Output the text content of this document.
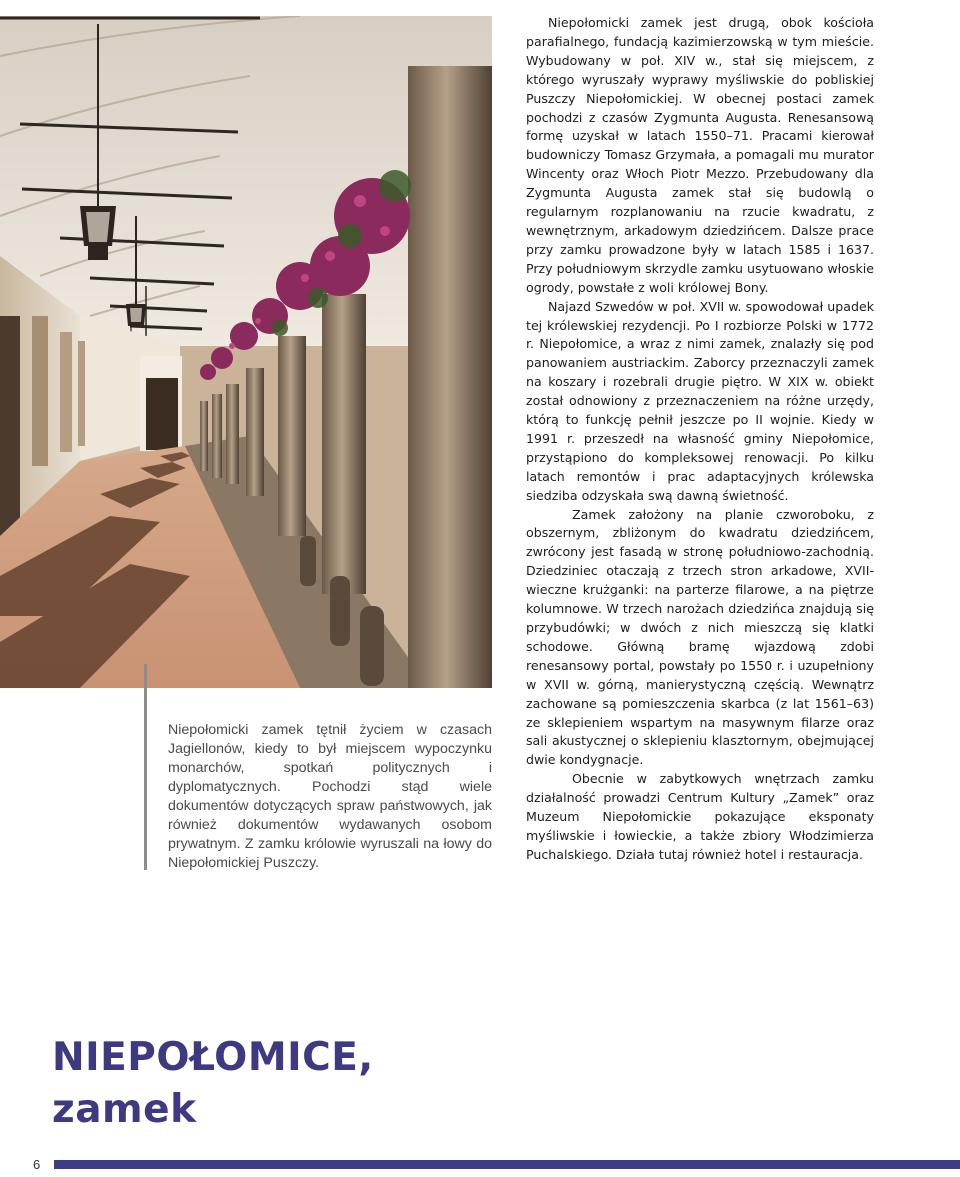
Niepołomicki zamek tętnił życiem w czasach Jagiellonów, kiedy to był miejscem wypoczynku monarchów, spotkań politycznych i dyplomatycznych. Pochodzi stąd wiele dokumentów dotyczących spraw państwowych, jak również dokumentów wydawanych osobom prywatnym. Z zamku królowie wyruszali na łowy do Niepołomickiej Puszczy.

Niepołomicki zamek jest drugą, obok kościoła parafialnego, fundacją kazimierzowską w tym mieście. Wybudowany w poł. XIV w., stał się miejscem, z którego wyruszały wyprawy myśliwskie do pobliskiej Puszczy Niepołomickiej. W obecnej postaci zamek pochodzi z czasów Zygmunta Augusta. Renesansową formę uzyskał w latach 1550–71. Pracami kierował budowniczy Tomasz Grzymała, a pomagali mu murator Wincenty oraz Włoch Piotr Mezzo. Przebudowany dla Zygmunta Augusta zamek stał się budowlą o regularnym rozplanowaniu na rzucie kwadratu, z wewnętrznym, arkadowym dziedzińcem. Dalsze prace przy zamku prowadzone były w latach 1585 i 1637. Przy południowym skrzydle zamku usytuowano włoskie ogrody, powstałe z woli królowej Bony.

Najazd Szwedów w poł. XVII w. spowodował upadek tej królewskiej rezydencji. Po I rozbiorze Polski w 1772 r. Niepołomice, a wraz z nimi zamek, znalazły się pod panowaniem austriackim. Zaborcy przeznaczyli zamek na koszary i rozebrali drugie piętro. W XIX w. obiekt został odnowiony z przeznaczeniem na różne urzędy, którą to funkcję pełnił jeszcze po II wojnie. Kiedy w 1991 r. przeszedł na własność gminy Niepołomice, przystąpiono do kompleksowej renowacji. Po kilku latach remontów i prac adaptacyjnych królewska siedziba odzyskała swą dawną świetność.

Zamek założony na planie czworoboku, z obszernym, zbliżonym do kwadratu dziedzińcem, zwrócony jest fasadą w stronę południowo-zachodnią. Dziedziniec otaczają z trzech stron arkadowe, XVII-wieczne krużganki: na parterze filarowe, a na piętrze kolumnowe. W trzech narożach dziedzińca znajdują się przybudówki; w dwóch z nich mieszczą się klatki schodowe. Główną bramę wjazdową zdobi renesansowy portal, powstały po 1550 r. i uzupełniony w XVII w. górną, manierystyczną częścią. Wewnątrz zachowane są pomieszczenia skarbca (z lat 1561–63) ze sklepieniem wspartym na masywnym filarze oraz sali akustycznej o sklepieniu klasztornym, obejmującej dwie kondygnacje.

Obecnie w zabytkowych wnętrzach zamku działalność prowadzi Centrum Kultury „Zamek” oraz Muzeum Niepołomickie pokazujące eksponaty myśliwskie i łowieckie, a także zbiory Włodzimierza Puchalskiego. Działa tutaj również hotel i restauracja.

NIEPOŁOMICE,
zamek
6
